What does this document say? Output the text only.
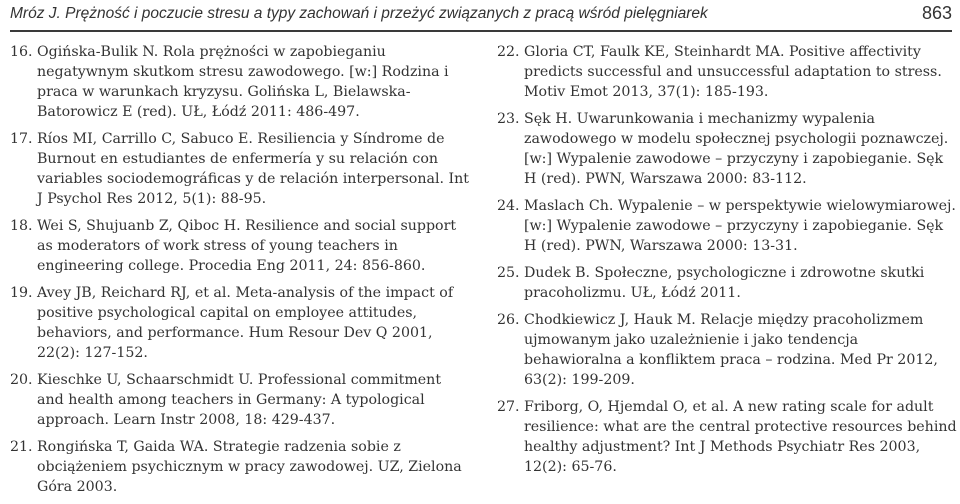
Mróz J. Prężność i poczucie stresu a typy zachowań i przeżyć związanych z pracą wśród pielęgniarek	863
16. Ogińska-Bulik N. Rola prężności w zapobieganiu negatywnym skutkom stresu zawodowego. [w:] Rodzina i praca w warunkach kryzysu. Golińska L, Bielawska-Batorowicz E (red). UŁ, Łódź 2011: 486-497.
17. Ríos MI, Carrillo C, Sabuco E. Resiliencia y Síndrome de Burnout en estudiantes de enfermería y su relación con variables sociodemográficas y de relación interpersonal. Int J Psychol Res 2012, 5(1): 88-95.
18. Wei S, Shujuanb Z, Qiboc H. Resilience and social support as moderators of work stress of young teachers in engineering college. Procedia Eng 2011, 24: 856-860.
19. Avey JB, Reichard RJ, et al. Meta-analysis of the impact of positive psychological capital on employee attitudes, behaviors, and performance. Hum Resour Dev Q 2001, 22(2): 127-152.
20. Kieschke U, Schaarschmidt U. Professional commitment and health among teachers in Germany: A typological approach. Learn Instr 2008, 18: 429-437.
21. Rongińska T, Gaida WA. Strategie radzenia sobie z obciążeniem psychicznym w pracy zawodowej. UZ, Zielona Góra 2003.
22. Gloria CT, Faulk KE, Steinhardt MA. Positive affectivity predicts successful and unsuccessful adaptation to stress. Motiv Emot 2013, 37(1): 185-193.
23. Sęk H. Uwarunkowania i mechanizmy wypalenia zawodowego w modelu społecznej psychologii poznawczej. [w:] Wypalenie zawodowe – przyczyny i zapobieganie. Sęk H (red). PWN, Warszawa 2000: 83-112.
24. Maslach Ch. Wypalenie – w perspektywie wielowymiarowej. [w:] Wypalenie zawodowe – przyczyny i zapobieganie. Sęk H (red). PWN, Warszawa 2000: 13-31.
25. Dudek B. Społeczne, psychologiczne i zdrowotne skutki pracoholizmu. UŁ, Łódź 2011.
26. Chodkiewicz J, Hauk M. Relacje między pracoholizmem ujmowanym jako uzależnienie i jako tendencja behawioralna a konfliktem praca – rodzina. Med Pr 2012, 63(2): 199-209.
27. Friborg, O, Hjemdal O, et al. A new rating scale for adult resilience: what are the central protective resources behind healthy adjustment? Int J Methods Psychiatr Res 2003, 12(2): 65-76.
